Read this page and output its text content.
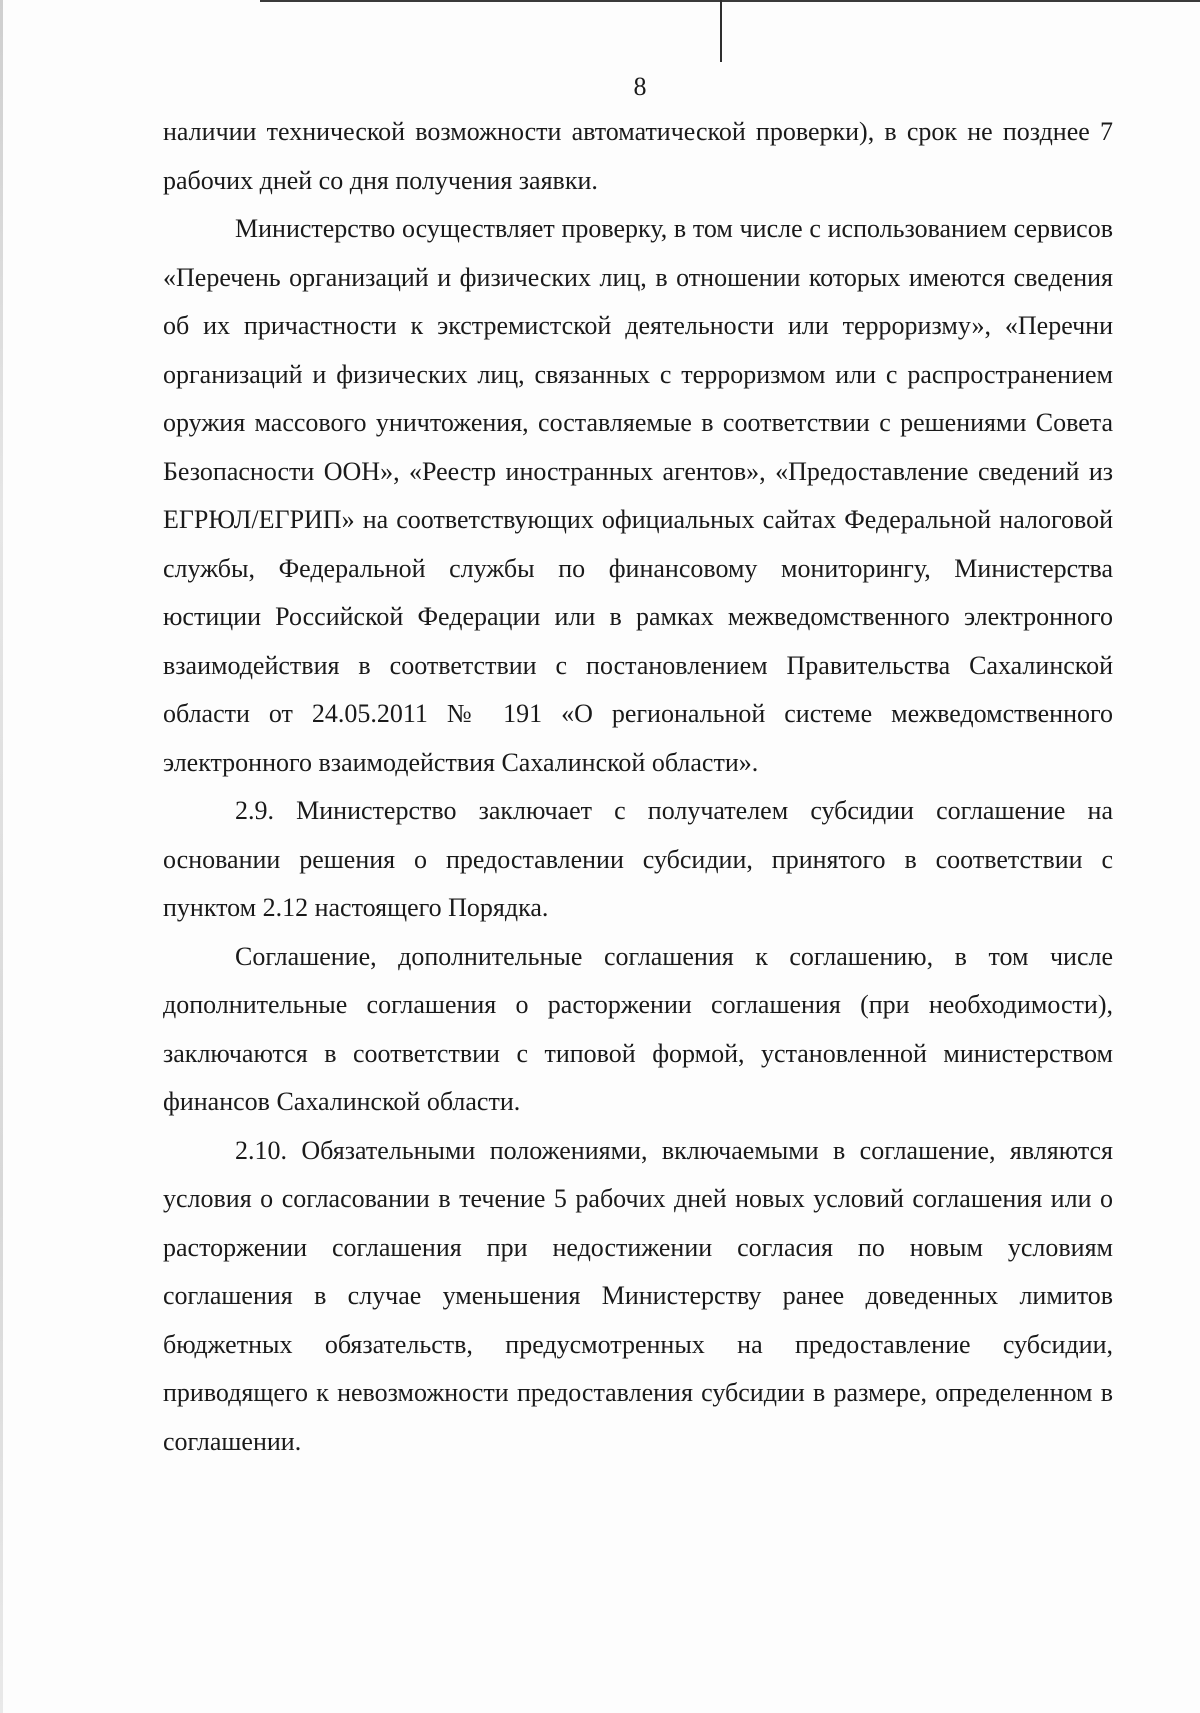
8

наличии технической возможности автоматической проверки), в срок не позднее 7 рабочих дней со дня получения заявки.

Министерство осуществляет проверку, в том числе с использованием сервисов «Перечень организаций и физических лиц, в отношении которых имеются сведения об их причастности к экстремистской деятельности или терроризму», «Перечни организаций и физических лиц, связанных с терроризмом или с распространением оружия массового уничтожения, составляемые в соответствии с решениями Совета Безопасности ООН», «Реестр иностранных агентов», «Предоставление сведений из ЕГРЮЛ/ЕГРИП» на соответствующих официальных сайтах Федеральной налоговой службы, Федеральной службы по финансовому мониторингу, Министерства юстиции Российской Федерации или в рамках межведомственного электронного взаимодействия в соответствии с постановлением Правительства Сахалинской области от 24.05.2011 № 191 «О региональной системе межведомственного электронного взаимодействия Сахалинской области».

2.9. Министерство заключает с получателем субсидии соглашение на основании решения о предоставлении субсидии, принятого в соответствии с пунктом 2.12 настоящего Порядка.

Соглашение, дополнительные соглашения к соглашению, в том числе дополнительные соглашения о расторжении соглашения (при необходимости), заключаются в соответствии с типовой формой, установленной министерством финансов Сахалинской области.

2.10. Обязательными положениями, включаемыми в соглашение, являются условия о согласовании в течение 5 рабочих дней новых условий соглашения или о расторжении соглашения при недостижении согласия по новым условиям соглашения в случае уменьшения Министерству ранее доведенных лимитов бюджетных обязательств, предусмотренных на предоставление субсидии, приводящего к невозможности предоставления субсидии в размере, определенном в соглашении.
